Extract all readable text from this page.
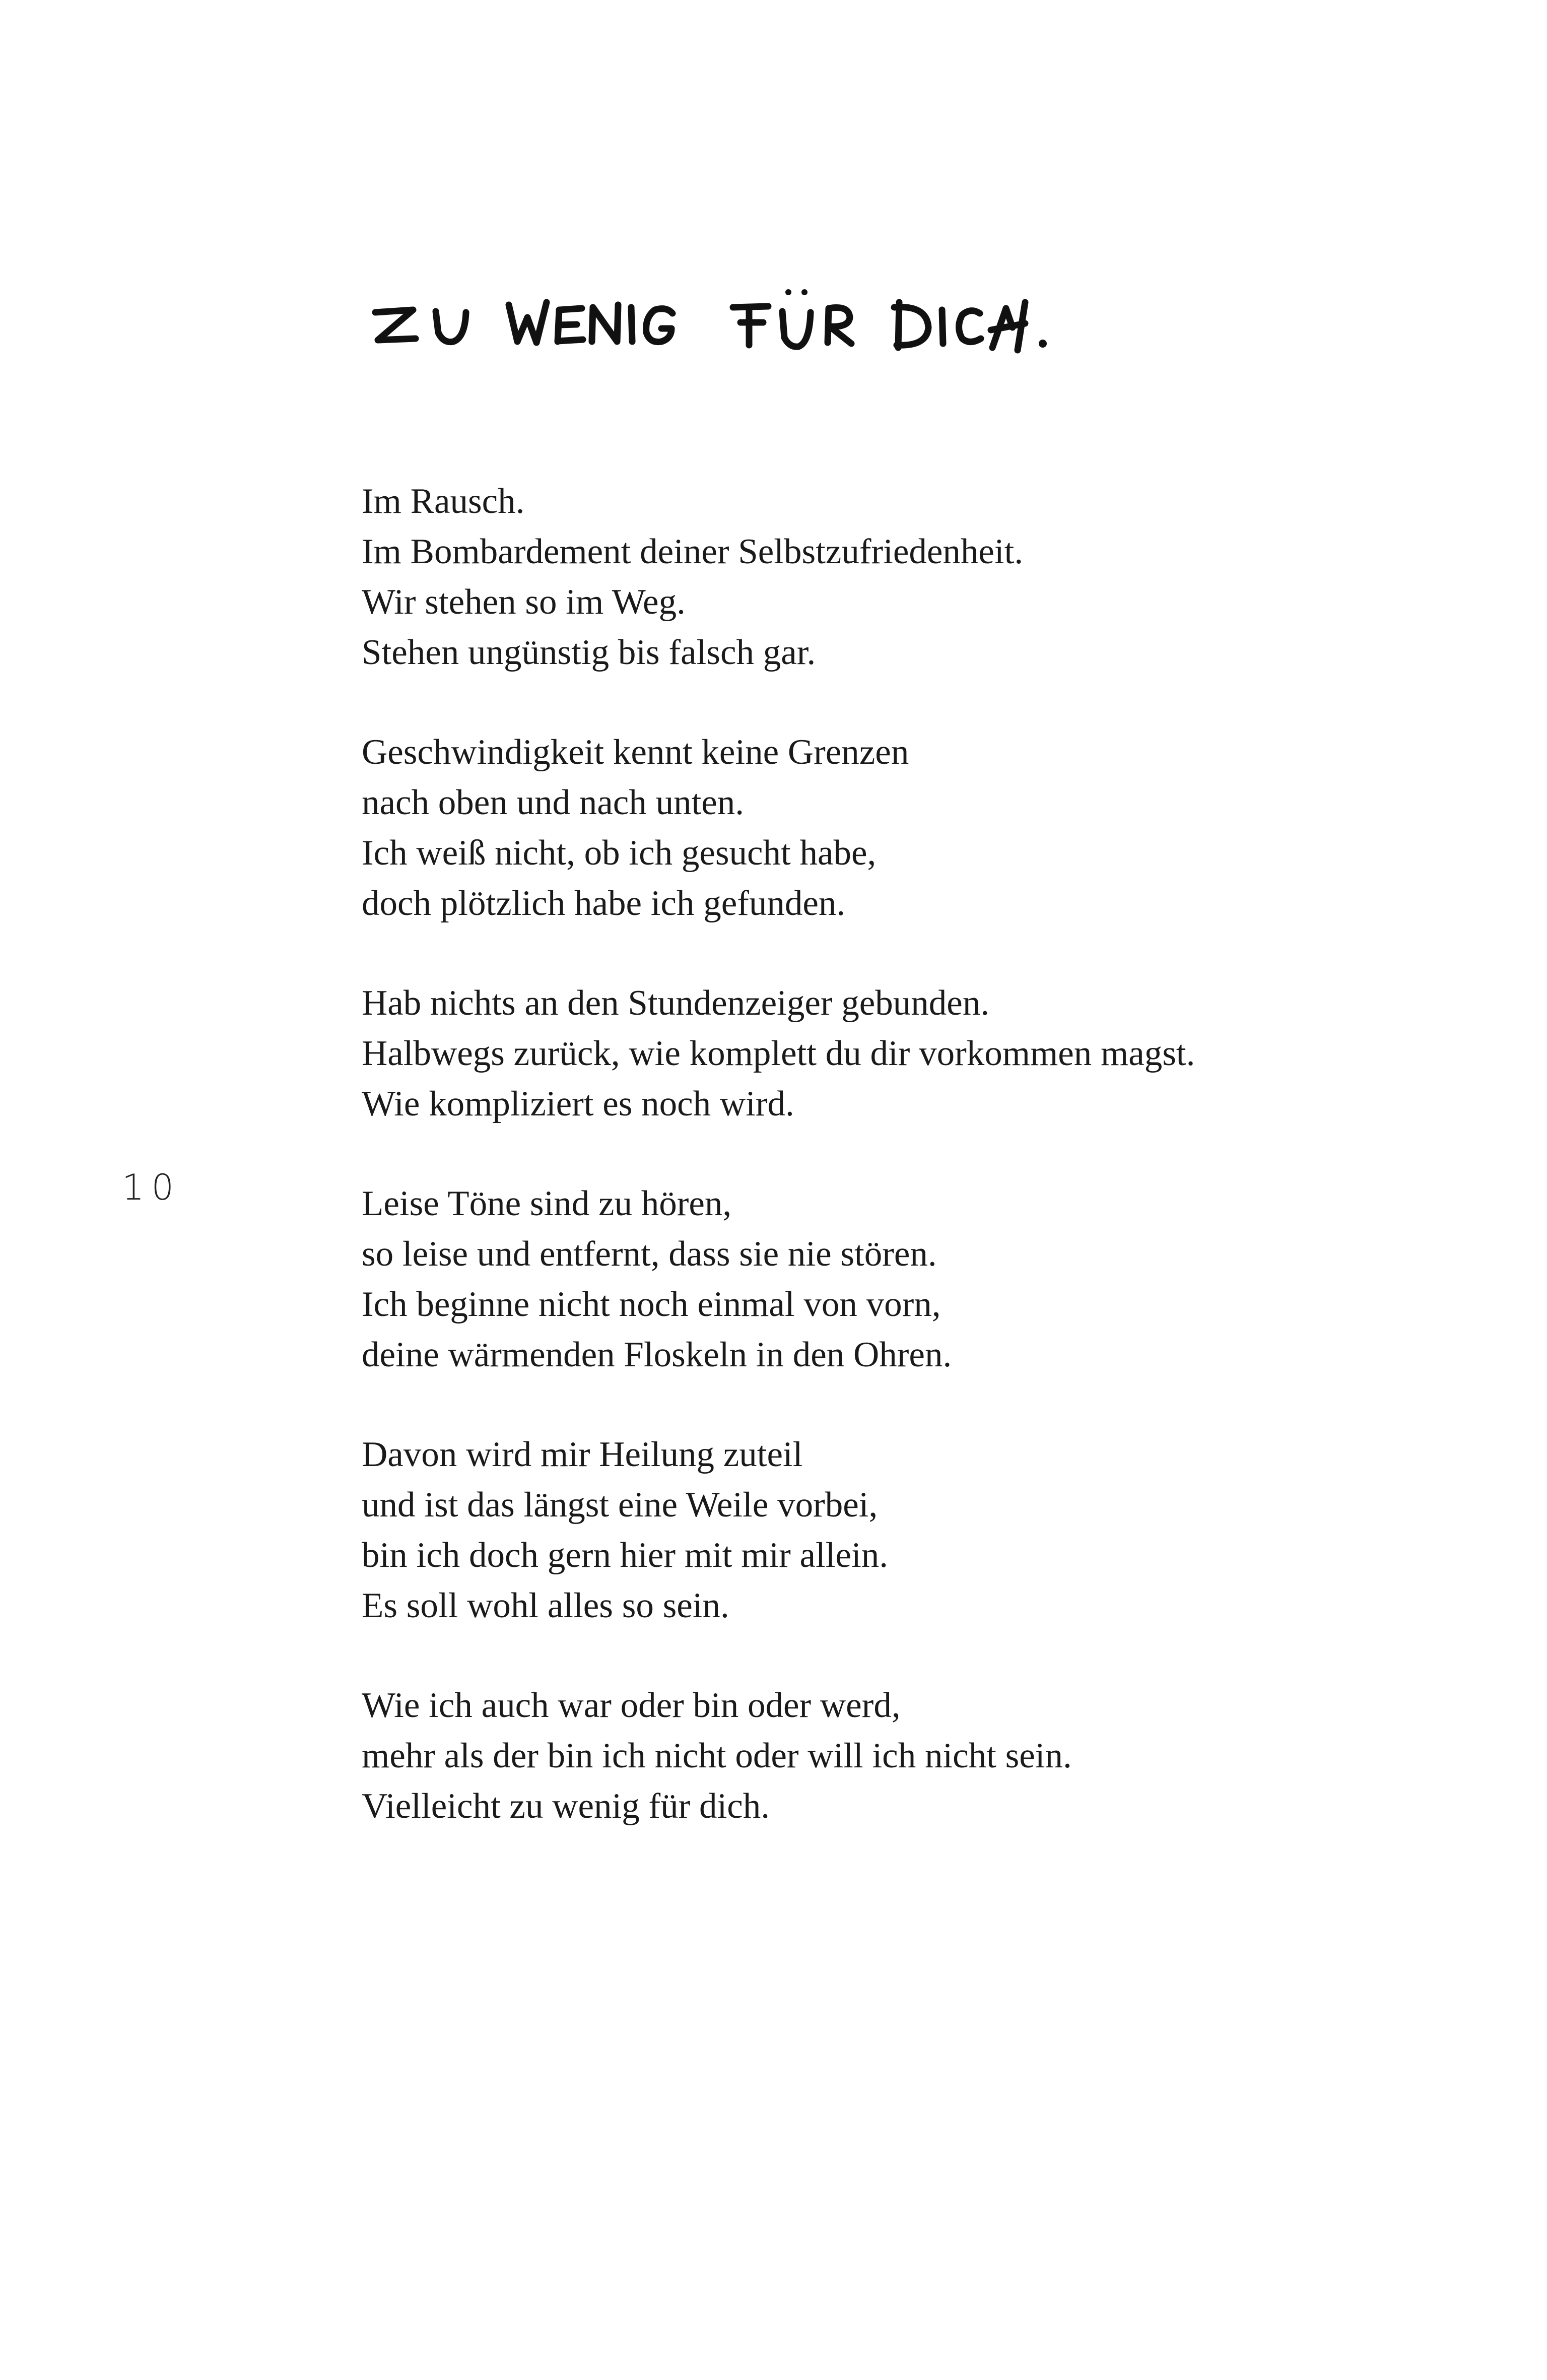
10
Im Rausch.
Im Bombardement deiner Selbstzufriedenheit.
Wir stehen so im Weg.
Stehen ungünstig bis falsch gar.
Geschwindigkeit kennt keine Grenzen
nach oben und nach unten.
Ich weiß nicht, ob ich gesucht habe,
doch plötzlich habe ich gefunden.
Hab nichts an den Stundenzeiger gebunden.
Halbwegs zurück, wie komplett du dir vorkommen magst.
Wie kompliziert es noch wird.
Leise Töne sind zu hören,
so leise und entfernt, dass sie nie stören.
Ich beginne nicht noch einmal von vorn,
deine wärmenden Floskeln in den Ohren.
Davon wird mir Heilung zuteil
und ist das längst eine Weile vorbei,
bin ich doch gern hier mit mir allein.
Es soll wohl alles so sein.
Wie ich auch war oder bin oder werd,
mehr als der bin ich nicht oder will ich nicht sein.
Vielleicht zu wenig für dich.
